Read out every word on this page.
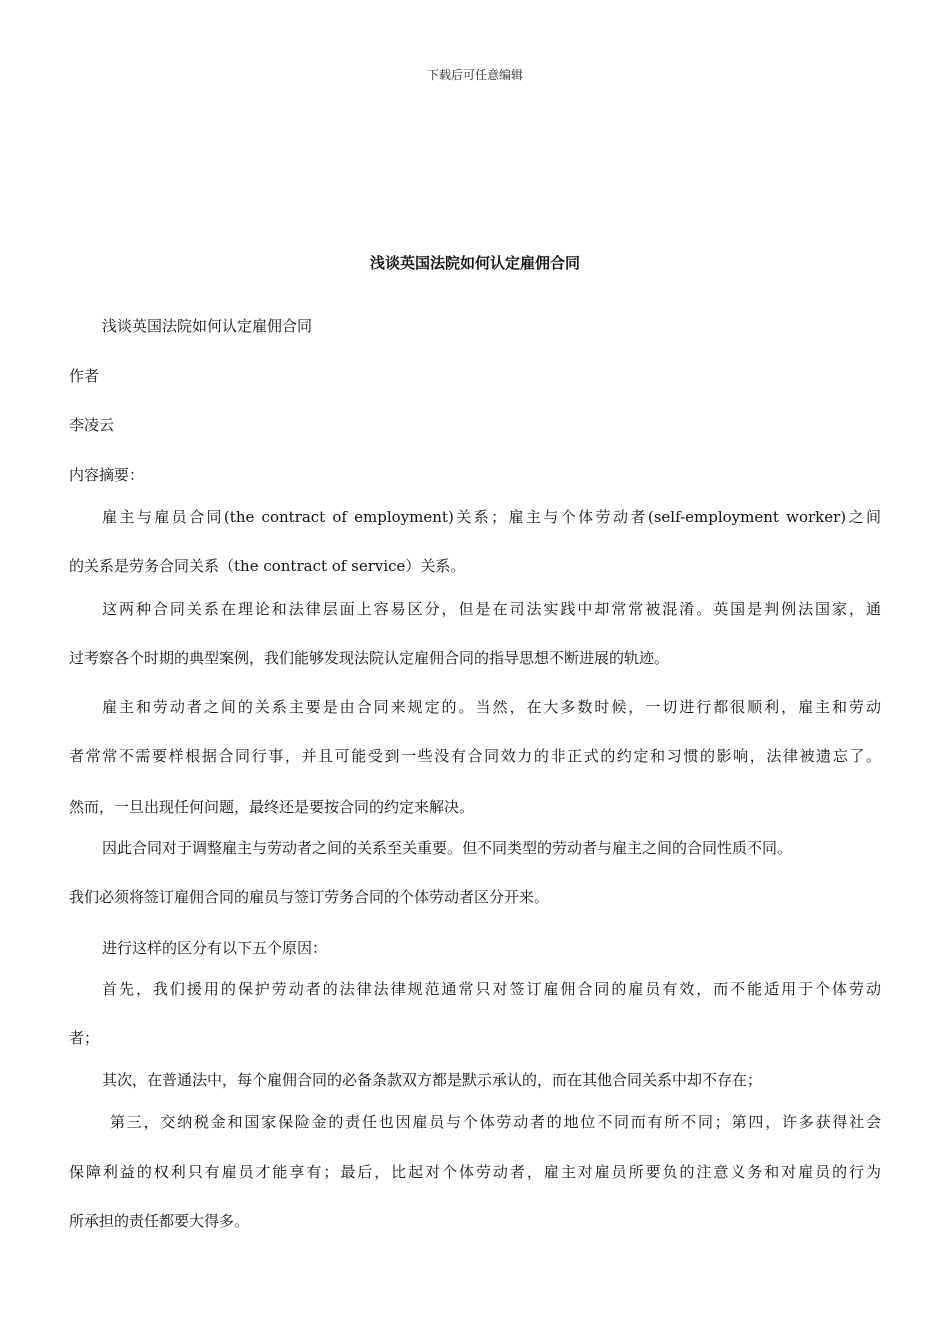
下载后可任意编辑
浅谈英国法院如何认定雇佣合同
浅谈英国法院如何认定雇佣合同
作者
李凌云
内容摘要：
雇主与雇员合同(the contract of employment)关系；雇主与个体劳动者(self-employment worker)之间
的关系是劳务合同关系（the contract of service）关系。
这两种合同关系在理论和法律层面上容易区分，但是在司法实践中却常常被混淆。英国是判例法国家，通
过考察各个时期的典型案例，我们能够发现法院认定雇佣合同的指导思想不断进展的轨迹。
雇主和劳动者之间的关系主要是由合同来规定的。当然，在大多数时候，一切进行都很顺利，雇主和劳动
者常常不需要样根据合同行事，并且可能受到一些没有合同效力的非正式的约定和习惯的影响，法律被遗忘了。
然而，一旦出现任何问题，最终还是要按合同的约定来解决。
因此合同对于调整雇主与劳动者之间的关系至关重要。但不同类型的劳动者与雇主之间的合同性质不同。
我们必须将签订雇佣合同的雇员与签订劳务合同的个体劳动者区分开来。
进行这样的区分有以下五个原因：
首先，我们援用的保护劳动者的法律法律规范通常只对签订雇佣合同的雇员有效，而不能适用于个体劳动
者；
其次，在普通法中，每个雇佣合同的必备条款双方都是默示承认的，而在其他合同关系中却不存在；
第三，交纳税金和国家保险金的责任也因雇员与个体劳动者的地位不同而有所不同；第四，许多获得社会
保障利益的权利只有雇员才能享有；最后，比起对个体劳动者，雇主对雇员所要负的注意义务和对雇员的行为
所承担的责任都要大得多。
